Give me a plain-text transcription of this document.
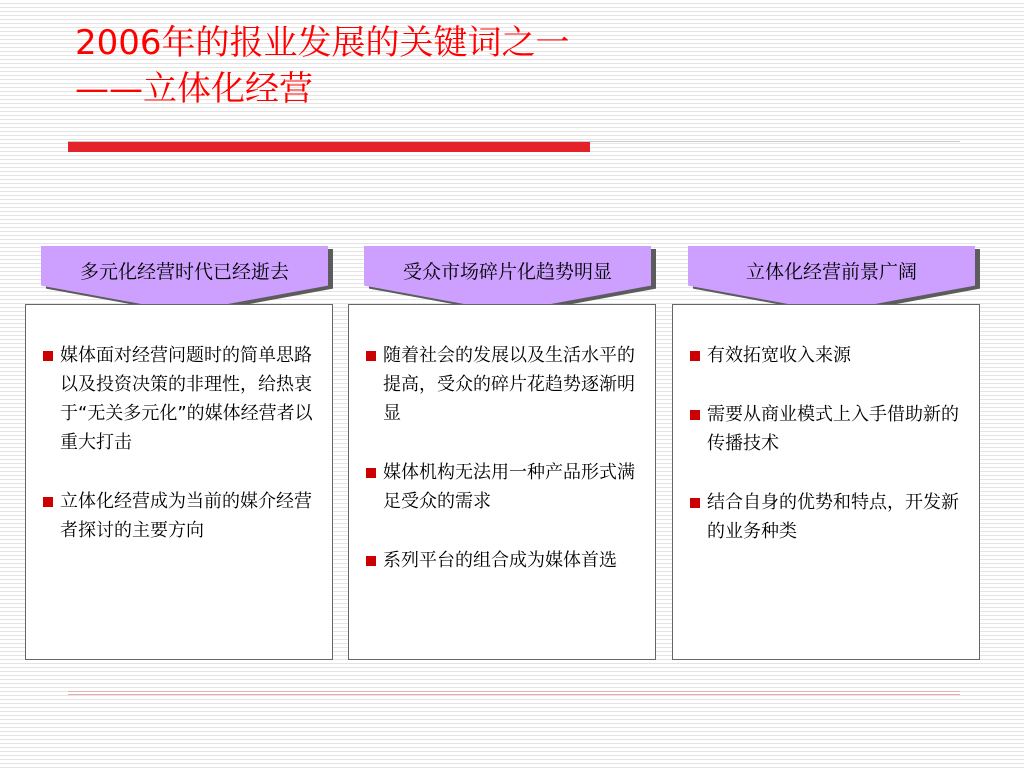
2006年的报业发展的关键词之一
——立体化经营
多元化经营时代已经逝去
媒体面对经营问题时的简单思路以及投资决策的非理性，给热衷于“无关多元化”的媒体经营者以重大打击
立体化经营成为当前的媒介经营者探讨的主要方向
受众市场碎片化趋势明显
随着社会的发展以及生活水平的提高，受众的碎片花趋势逐渐明显
媒体机构无法用一种产品形式满足受众的需求
系列平台的组合成为媒体首选
立体化经营前景广阔
有效拓宽收入来源
需要从商业模式上入手借助新的传播技术
结合自身的优势和特点，开发新的业务种类
